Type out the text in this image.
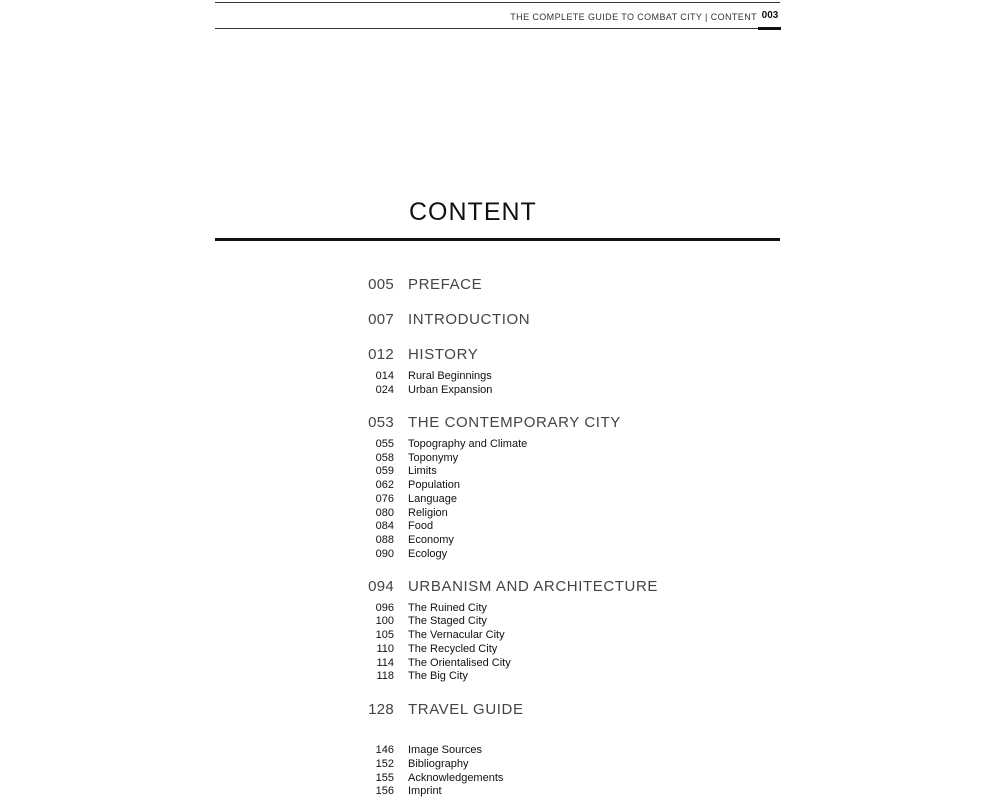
THE COMPLETE GUIDE TO COMBAT CITY | CONTENT 003
CONTENT
005 PREFACE
007 INTRODUCTION
012 HISTORY
014 Rural Beginnings
024 Urban Expansion
053 THE CONTEMPORARY CITY
055 Topography and Climate
058 Toponymy
059 Limits
062 Population
076 Language
080 Religion
084 Food
088 Economy
090 Ecology
094 URBANISM AND ARCHITECTURE
096 The Ruined City
100 The Staged City
105 The Vernacular City
110 The Recycled City
114 The Orientalised City
118 The Big City
128 TRAVEL GUIDE
146 Image Sources
152 Bibliography
155 Acknowledgements
156 Imprint
